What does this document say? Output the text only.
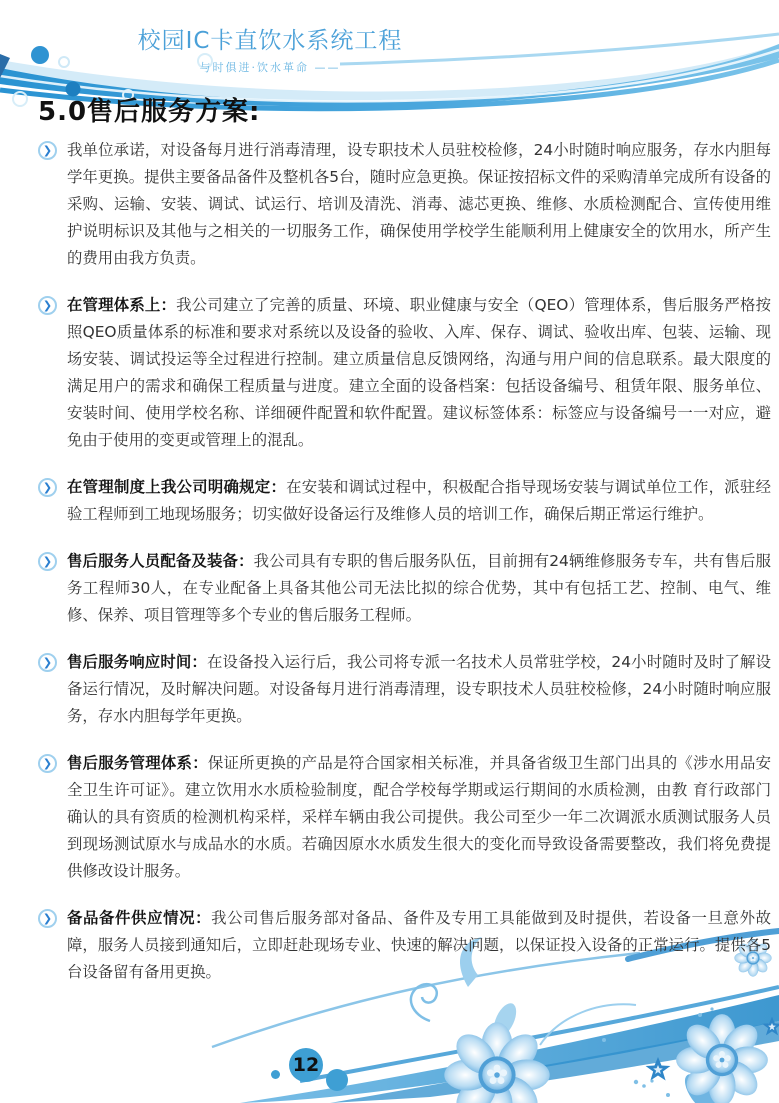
校园IC卡直饮水系统工程
与时俱进·饮水革命 ——
5.0售后服务方案:
❯ 我单位承诺，对设备每月进行消毒清理，设专职技术人员驻校检修，24小时随时响应服务，存水内胆每学年更换。提供主要备品备件及整机各5台，随时应急更换。保证按招标文件的采购清单完成所有设备的采购、运输、安装、调试、试运行、培训及清洗、消毒、滤芯更换、维修、水质检测配合、宣传使用维护说明标识及其他与之相关的一切服务工作，确保使用学校学生能顺利用上健康安全的饮用水，所产生的费用由我方负责。

❯ 在管理体系上：我公司建立了完善的质量、环境、职业健康与安全（QEO）管理体系，售后服务严格按照QEO质量体系的标准和要求对系统以及设备的验收、入库、保存、调试、验收出库、包装、运输、现场安装、调试投运等全过程进行控制。建立质量信息反馈网络，沟通与用户间的信息联系。最大限度的满足用户的需求和确保工程质量与进度。建立全面的设备档案：包括设备编号、租赁年限、服务单位、安装时间、使用学校名称、详细硬件配置和软件配置。建议标签体系：标签应与设备编号一一对应，避免由于使用的变更或管理上的混乱。

❯ 在管理制度上我公司明确规定：在安装和调试过程中，积极配合指导现场安装与调试单位工作，派驻经验工程师到工地现场服务；切实做好设备运行及维修人员的培训工作，确保后期正常运行维护。

❯ 售后服务人员配备及装备：我公司具有专职的售后服务队伍，目前拥有24辆维修服务专车，共有售后服务工程师30人，在专业配备上具备其他公司无法比拟的综合优势，其中有包括工艺、控制、电气、维修、保养、项目管理等多个专业的售后服务工程师。

❯ 售后服务响应时间：在设备投入运行后，我公司将专派一名技术人员常驻学校，24小时随时及时了解设备运行情况，及时解决问题。对设备每月进行消毒清理，设专职技术人员驻校检修，24小时随时响应服务，存水内胆每学年更换。

❯ 售后服务管理体系：保证所更换的产品是符合国家相关标准，并具备省级卫生部门出具的《涉水用品安全卫生许可证》。建立饮用水水质检验制度，配合学校每学期或运行期间的水质检测，由教 育行政部门确认的具有资质的检测机构采样，采样车辆由我公司提供。我公司至少一年二次调派水质测试服务人员到现场测试原水与成品水的水质。若确因原水水质发生很大的变化而导致设备需要整改，我们将免费提供修改设计服务。

❯ 备品备件供应情况：我公司售后服务部对备品、备件及专用工具能做到及时提供，若设备一旦意外故障，服务人员接到通知后，立即赶赴现场专业、快速的解决问题，以保证投入设备的正常运行。提供各5台设备留有备用更换。

12
